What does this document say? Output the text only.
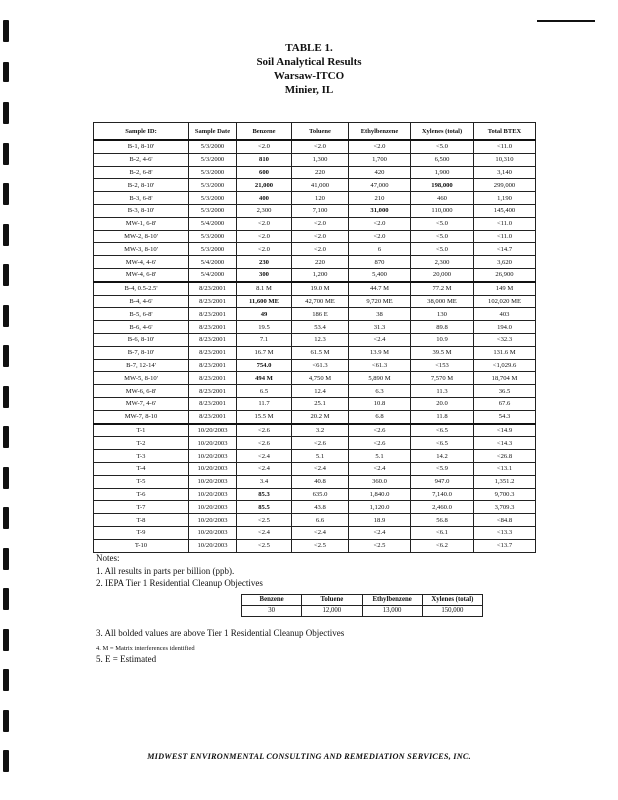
TABLE 1.
Soil Analytical Results
Warsaw-ITCO
Minier, IL
Sample ID:	Sample Date	Benzene	Toluene	Ethylbenzene	Xylenes (total)	Total BTEX
B-1, 8-10'	5/3/2000	<2.0	<2.0	<2.0	<5.0	<11.0
B-2, 4-6'	5/3/2000	810	1,300	1,700	6,500	10,310
B-2, 6-8'	5/3/2000	600	220	420	1,900	3,140
B-2, 8-10'	5/3/2000	21,000	41,000	47,000	198,000	299,000
B-3, 6-8'	5/3/2000	400	120	210	460	1,190
B-3, 8-10'	5/3/2000	2,300	7,100	31,000	110,000	145,400
MW-1, 6-8'	5/4/2000	<2.0	<2.0	<2.0	<5.0	<11.0
MW-2, 8-10'	5/3/2000	<2.0	<2.0	<2.0	<5.0	<11.0
MW-3, 8-10'	5/3/2000	<2.0	<2.0	6	<5.0	<14.7
MW-4, 4-6'	5/4/2000	230	220	870	2,300	3,620
MW-4, 6-8'	5/4/2000	300	1,200	5,400	20,000	26,900
B-4, 0.5-2.5'	8/23/2001	8.1 M	19.0 M	44.7 M	77.2 M	149 M
B-4, 4-6'	8/23/2001	11,600 ME	42,700 ME	9,720 ME	38,000 ME	102,020 ME
B-5, 6-8'	8/23/2001	49	186 E	38	130	403
B-6, 4-6'	8/23/2001	19.5	53.4	31.3	89.8	194.0
B-6, 8-10'	8/23/2001	7.1	12.3	<2.4	10.9	<32.3
B-7, 8-10'	8/23/2001	16.7 M	61.5 M	13.9 M	39.5 M	131.6 M
B-7, 12-14'	8/23/2001	754.0	<61.3	<61.3	<153	<1,029.6
MW-5, 8-10'	8/23/2001	494 M	4,750 M	5,890 M	7,570 M	18,704 M
MW-6, 6-8'	8/23/2001	6.5	12.4	6.3	11.3	36.5
MW-7, 4-6'	8/23/2001	11.7	25.1	10.8	20.0	67.6
MW-7, 8-10	8/23/2001	15.5 M	20.2 M	6.8	11.8	54.3
T-1	10/20/2003	<2.6	3.2	<2.6	<6.5	<14.9
T-2	10/20/2003	<2.6	<2.6	<2.6	<6.5	<14.3
T-3	10/20/2003	<2.4	5.1	5.1	14.2	<26.8
T-4	10/20/2003	<2.4	<2.4	<2.4	<5.9	<13.1
T-5	10/20/2003	3.4	40.8	360.0	947.0	1,351.2
T-6	10/20/2003	85.3	635.0	1,840.0	7,140.0	9,700.3
T-7	10/20/2003	85.5	43.8	1,120.0	2,460.0	3,709.3
T-8	10/20/2003	<2.5	6.6	18.9	56.8	<84.8
T-9	10/20/2003	<2.4	<2.4	<2.4	<6.1	<13.3
T-10	10/20/2003	<2.5	<2.5	<2.5	<6.2	<13.7
Notes:
1. All results in parts per billion (ppb).
2. IEPA Tier 1 Residential Cleanup Objectives
Benzene	Toluene	Ethylbenzene	Xylenes (total)
30	12,000	13,000	150,000
3. All bolded values are above Tier 1 Residential Cleanup Objectives
4. M = Matrix interferences identified
5. E = Estimated
MIDWEST ENVIRONMENTAL CONSULTING AND REMEDIATION SERVICES, INC.
